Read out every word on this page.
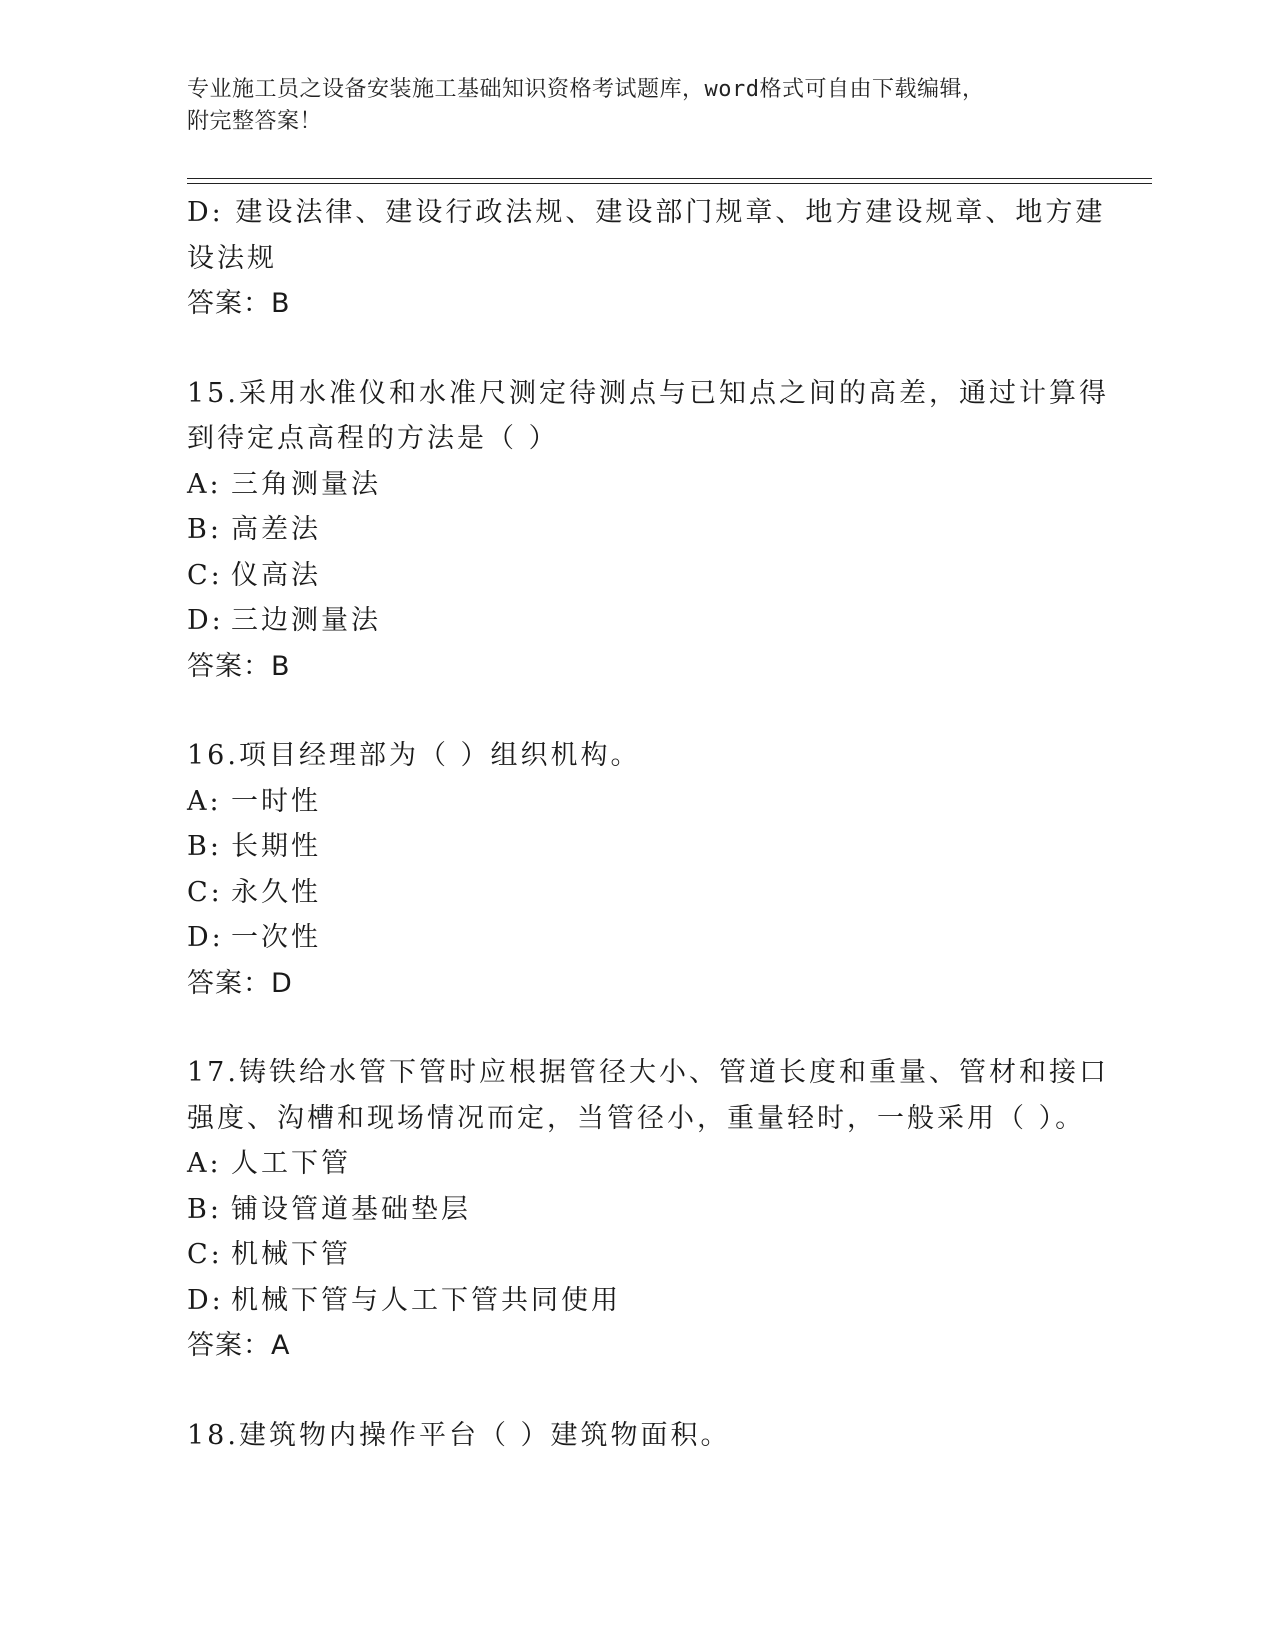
专业施工员之设备安装施工基础知识资格考试题库，word格式可自由下载编辑，
附完整答案！
D: 建设法律、建设行政法规、建设部门规章、地方建设规章、地方建
设法规
答案：B
15.采用水准仪和水准尺测定待测点与已知点之间的高差，通过计算得
到待定点高程的方法是（ ）
A: 三角测量法
B: 高差法
C: 仪高法
D: 三边测量法
答案：B
16.项目经理部为（ ）组织机构。
A: 一时性
B: 长期性
C: 永久性
D: 一次性
答案：D
17.铸铁给水管下管时应根据管径大小、管道长度和重量、管材和接口
强度、沟槽和现场情况而定，当管径小，重量轻时，一般采用（ ）。
A: 人工下管
B: 铺设管道基础垫层
C: 机械下管
D: 机械下管与人工下管共同使用
答案：A
18.建筑物内操作平台（ ）建筑物面积。
